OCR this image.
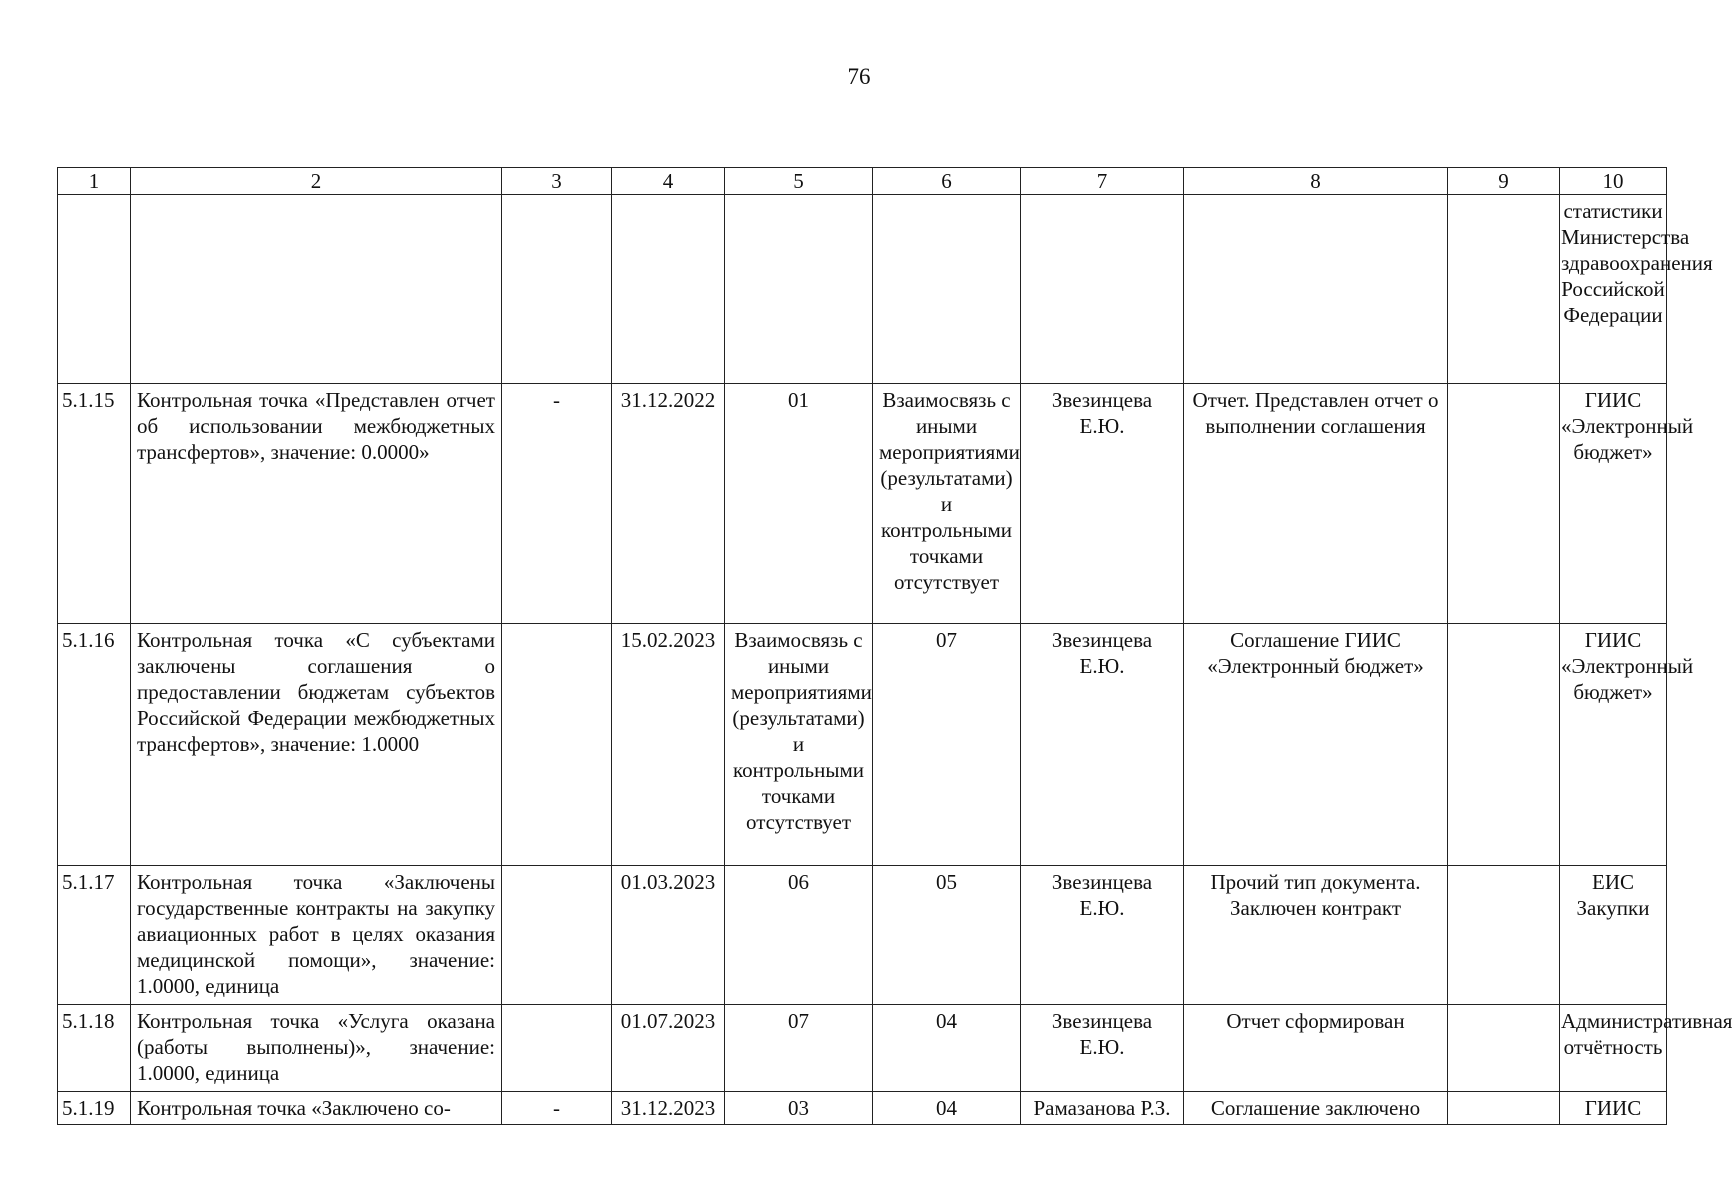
76
1	2	3	4	5	6	7	8	9	10
									статистики Министерства здравоохранения Российской Федерации
5.1.15	Контрольная точка «Представлен отчет об использовании межбюджетных трансфертов», значение: 0.0000»	-	31.12.2022	01	Взаимосвязь с иными мероприятиями (результатами) и контрольными точками отсутствует	Звезинцева Е.Ю.	Отчет. Представлен отчет о выполнении соглашения		ГИИС «Электронный бюджет»
5.1.16	Контрольная точка «С субъектами заключены соглашения о предоставлении бюджетам субъектов Российской Федерации межбюджетных трансфертов», значение: 1.0000		15.02.2023	Взаимосвязь с иными мероприятиями (результатами) и контрольными точками отсутствует	07	Звезинцева Е.Ю.	Соглашение ГИИС «Электронный бюджет»		ГИИС «Электронный бюджет»
5.1.17	Контрольная точка «Заключены государственные контракты на закупку авиационных работ в целях оказания медицинской помощи», значение: 1.0000, единица		01.03.2023	06	05	Звезинцева Е.Ю.	Прочий тип документа. Заключен контракт		ЕИС Закупки
5.1.18	Контрольная точка «Услуга оказана (работы выполнены)», значение: 1.0000, единица		01.07.2023	07	04	Звезинцева Е.Ю.	Отчет сформирован		Административная отчётность
5.1.19	Контрольная точка «Заключено со-	-	31.12.2023	03	04	Рамазанова Р.З.	Соглашение заключено		ГИИС
